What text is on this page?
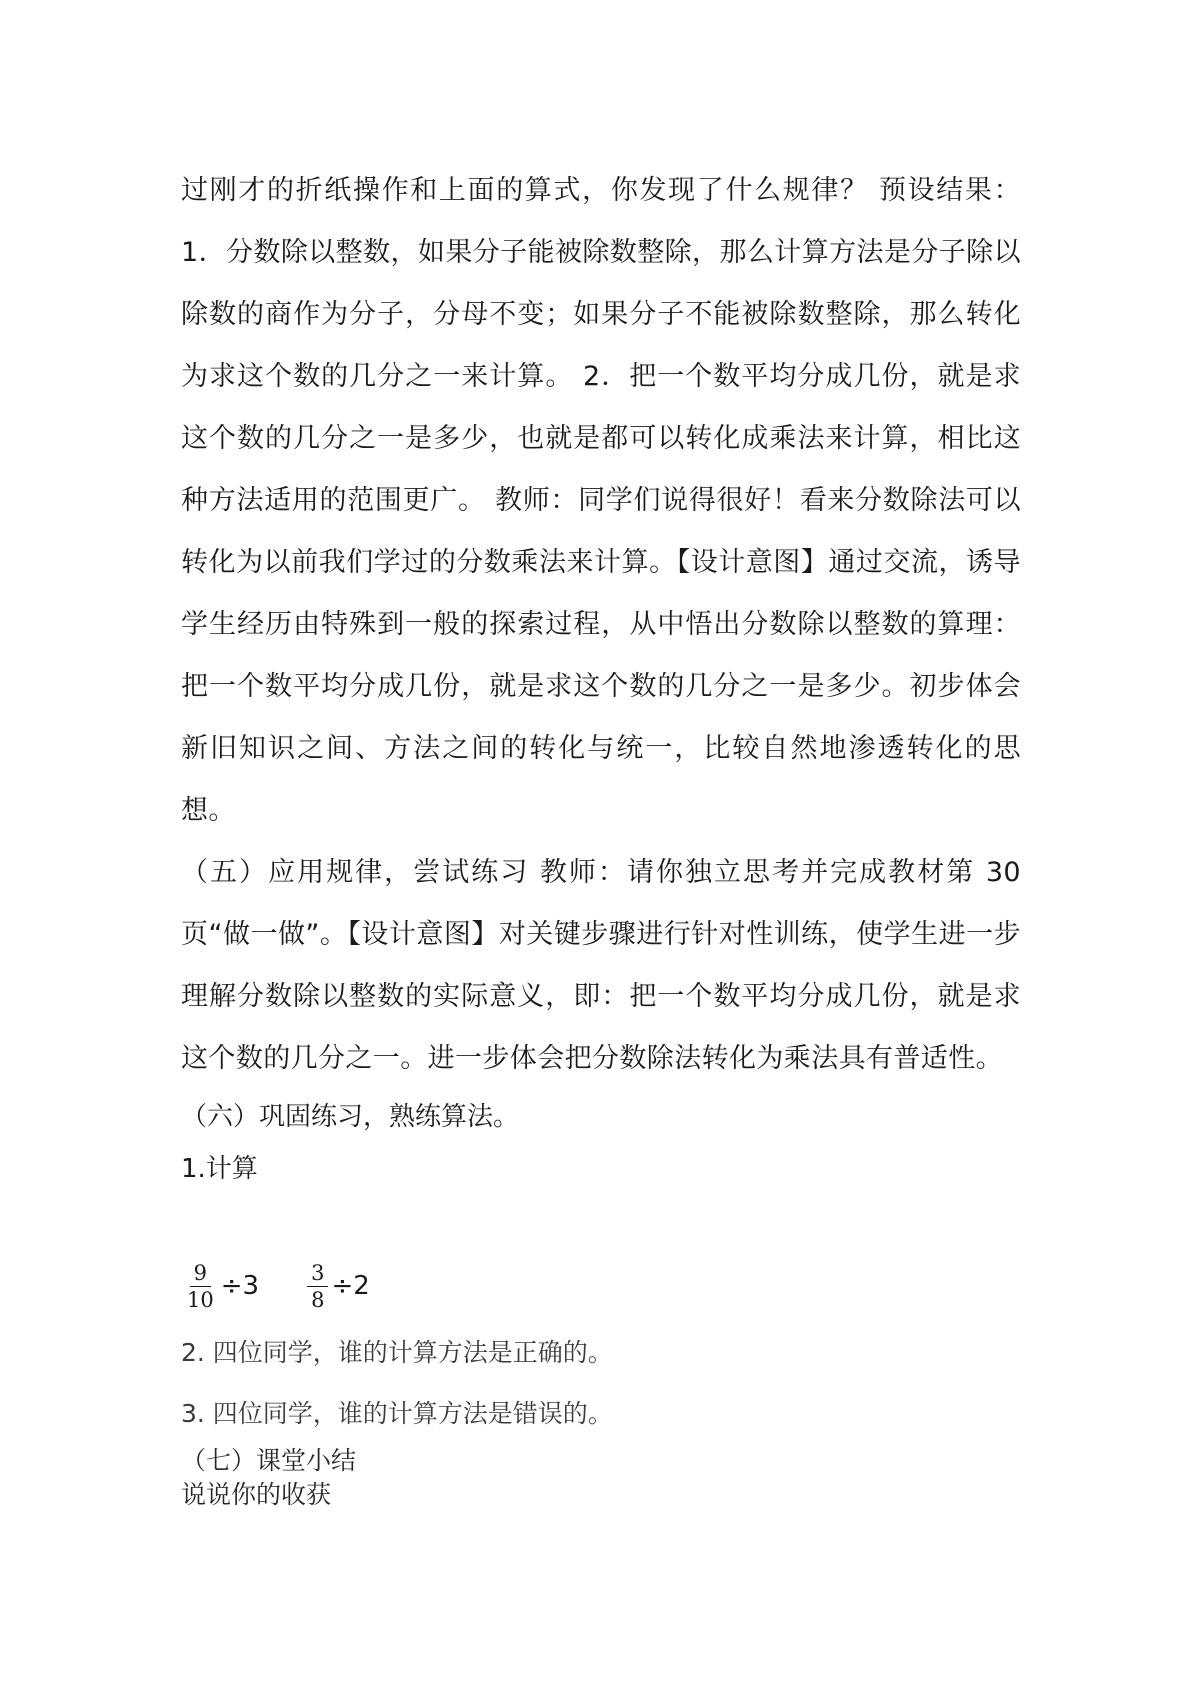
过刚才的折纸操作和上面的算式，你发现了什么规律？ 预设结果：1．分数除以整数，如果分子能被除数整除，那么计算方法是分子除以除数的商作为分子，分母不变；如果分子不能被除数整除，那么转化为求这个数的几分之一来计算。 2．把一个数平均分成几份，就是求这个数的几分之一是多少，也就是都可以转化成乘法来计算，相比这种方法适用的范围更广。 教师：同学们说得很好！看来分数除法可以转化为以前我们学过的分数乘法来计算。【设计意图】通过交流，诱导学生经历由特殊到一般的探索过程，从中悟出分数除以整数的算理：把一个数平均分成几份，就是求这个数的几分之一是多少。初步体会新旧知识之间、方法之间的转化与统一，比较自然地渗透转化的思想。

（五）应用规律，尝试练习 教师：请你独立思考并完成教材第 30页“做一做”。【设计意图】对关键步骤进行针对性训练，使学生进一步理解分数除以整数的实际意义，即：把一个数平均分成几份，就是求这个数的几分之一。进一步体会把分数除法转化为乘法具有普适性。

（六）巩固练习，熟练算法。
1.计算
$\frac{9}{10} \div 3 \frac{3}{8} \div 2$
2. 四位同学，谁的计算方法是正确的。
3. 四位同学，谁的计算方法是错误的。
（七）课堂小结
说说你的收获
